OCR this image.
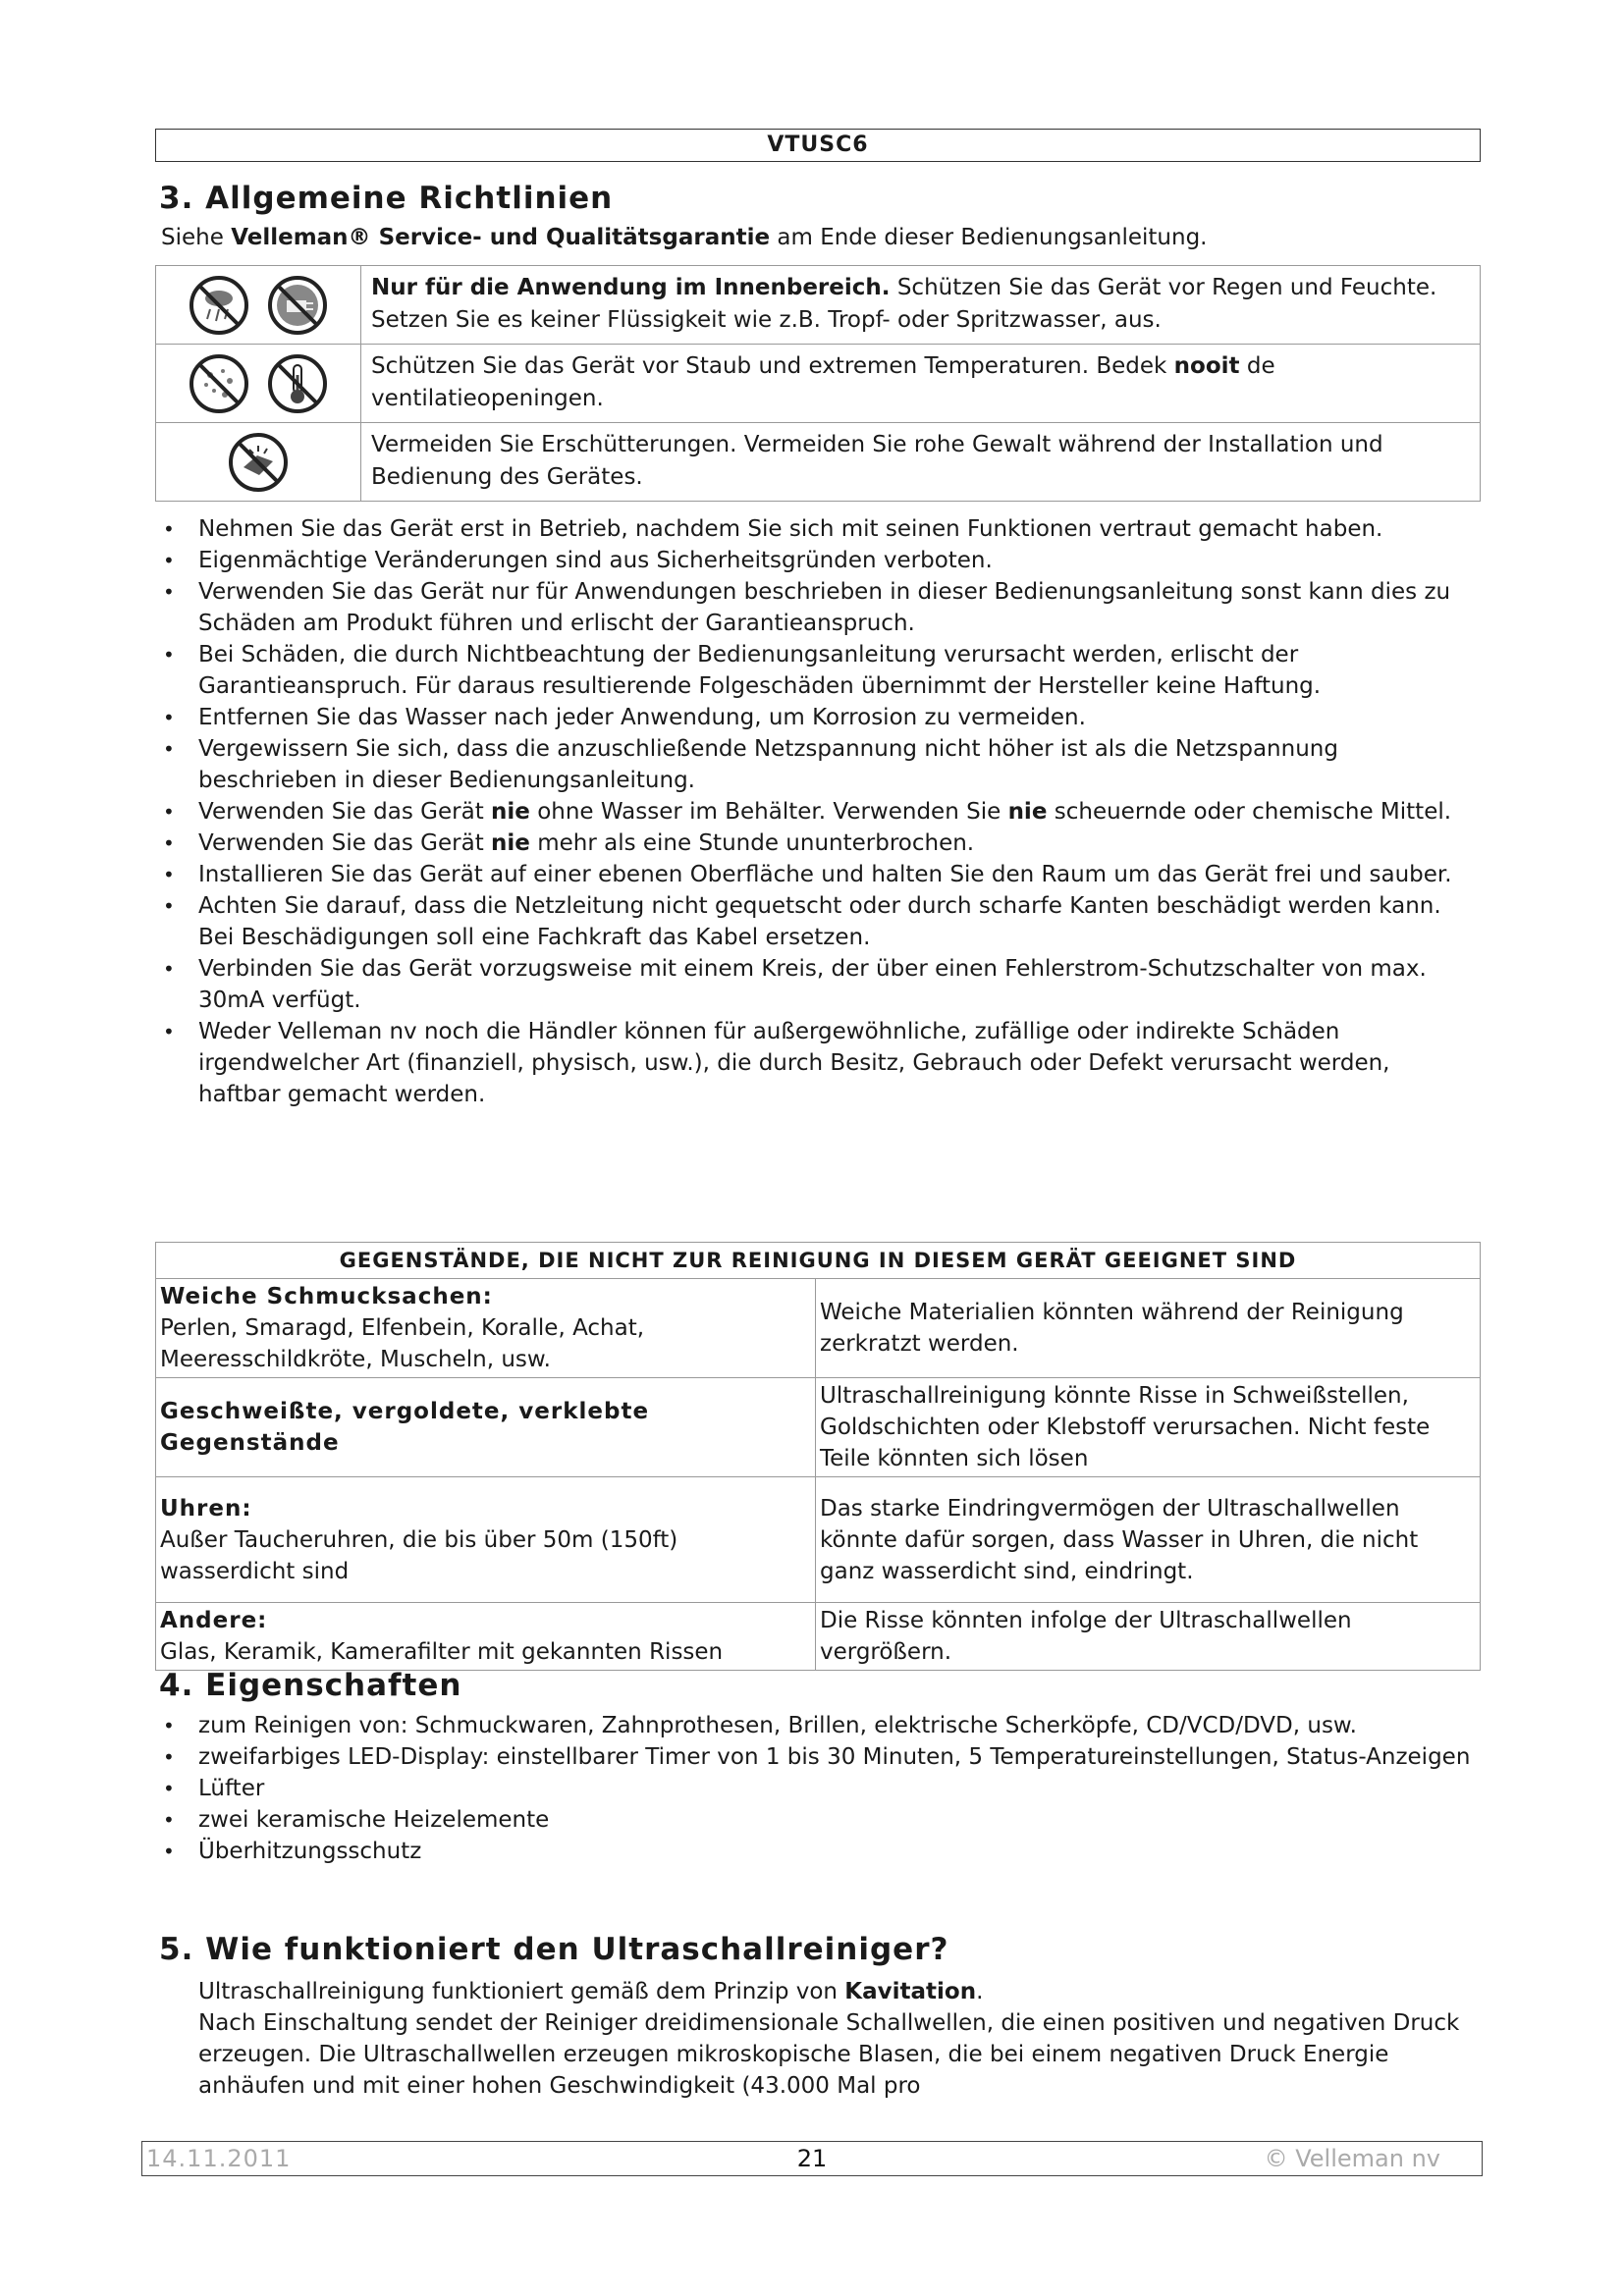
VTUSC6
3. Allgemeine Richtlinien
Siehe Velleman® Service- und Qualitätsgarantie am Ende dieser Bedienungsanleitung.
	Nur für die Anwendung im Innenbereich. Schützen Sie das Gerät vor Regen und Feuchte. Setzen Sie es keiner Flüssigkeit wie z.B. Tropf- oder Spritzwasser, aus.
	Schützen Sie das Gerät vor Staub und extremen Temperaturen. Bedek nooit de ventilatieopeningen.
	Vermeiden Sie Erschütterungen. Vermeiden Sie rohe Gewalt während der Installation und Bedienung des Gerätes.
• Nehmen Sie das Gerät erst in Betrieb, nachdem Sie sich mit seinen Funktionen vertraut gemacht haben.
• Eigenmächtige Veränderungen sind aus Sicherheitsgründen verboten.
• Verwenden Sie das Gerät nur für Anwendungen beschrieben in dieser Bedienungsanleitung sonst kann dies zu Schäden am Produkt führen und erlischt der Garantieanspruch.
• Bei Schäden, die durch Nichtbeachtung der Bedienungsanleitung verursacht werden, erlischt der Garantieanspruch. Für daraus resultierende Folgeschäden übernimmt der Hersteller keine Haftung.
• Entfernen Sie das Wasser nach jeder Anwendung, um Korrosion zu vermeiden.
• Vergewissern Sie sich, dass die anzuschließende Netzspannung nicht höher ist als die Netzspannung beschrieben in dieser Bedienungsanleitung.
• Verwenden Sie das Gerät nie ohne Wasser im Behälter. Verwenden Sie nie scheuernde oder chemische Mittel.
• Verwenden Sie das Gerät nie mehr als eine Stunde ununterbrochen.
• Installieren Sie das Gerät auf einer ebenen Oberfläche und halten Sie den Raum um das Gerät frei und sauber.
• Achten Sie darauf, dass die Netzleitung nicht gequetscht oder durch scharfe Kanten beschädigt werden kann. Bei Beschädigungen soll eine Fachkraft das Kabel ersetzen.
• Verbinden Sie das Gerät vorzugsweise mit einem Kreis, der über einen Fehlerstrom-Schutzschalter von max. 30mA verfügt.
• Weder Velleman nv noch die Händler können für außergewöhnliche, zufällige oder indirekte Schäden irgendwelcher Art (finanziell, physisch, usw.), die durch Besitz, Gebrauch oder Defekt verursacht werden, haftbar gemacht werden.
GEGENSTÄNDE, DIE NICHT ZUR REINIGUNG IN DIESEM GERÄT GEEIGNET SIND	

Weiche Schmucksachen:
Perlen, Smaragd, Elfenbein, Koralle, Achat, Meeresschildkröte, Muscheln, usw.	Weiche Materialien könnten während der Reinigung zerkratzt werden.

Geschweißte, vergoldete, verklebte Gegenstände	Ultraschallreinigung könnte Risse in Schweißstellen, Goldschichten oder Klebstoff verursachen. Nicht feste Teile könnten sich lösen

Uhren:
Außer Taucheruhren, die bis über 50m (150ft) wasserdicht sind	Das starke Eindringvermögen der Ultraschallwellen könnte dafür sorgen, dass Wasser in Uhren, die nicht ganz wasserdicht sind, eindringt.

Andere:
Glas, Keramik, Kamerafilter mit gekannten Rissen	Die Risse könnten infolge der Ultraschallwellen vergrößern.
4. Eigenschaften
• zum Reinigen von: Schmuckwaren, Zahnprothesen, Brillen, elektrische Scherköpfe, CD/VCD/DVD, usw.
• zweifarbiges LED-Display: einstellbarer Timer von 1 bis 30 Minuten, 5 Temperatureinstellungen, Status-Anzeigen
• Lüfter
• zwei keramische Heizelemente
• Überhitzungsschutz
5. Wie funktioniert den Ultraschallreiniger?
Ultraschallreinigung funktioniert gemäß dem Prinzip von Kavitation.
Nach Einschaltung sendet der Reiniger dreidimensionale Schallwellen, die einen positiven und negativen Druck erzeugen. Die Ultraschallwellen erzeugen mikroskopische Blasen, die bei einem negativen Druck Energie anhäufen und mit einer hohen Geschwindigkeit (43.000 Mal pro
14.11.2011	21	© Velleman nv
